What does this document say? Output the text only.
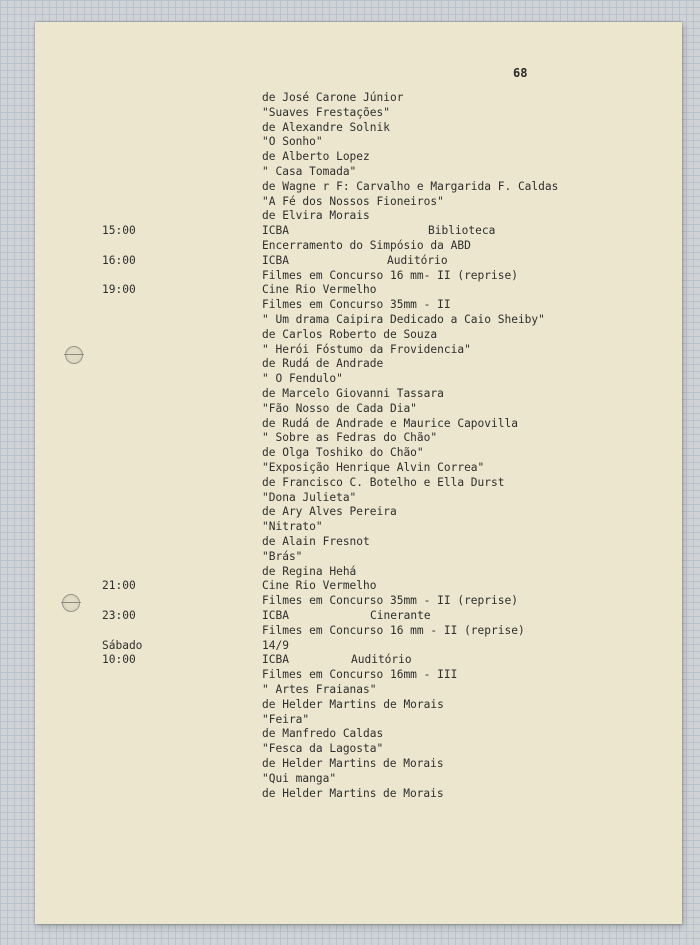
68
de José Carone Júnior
"Suaves Frestações"
de Alexandre Solnik
"O Sonho"
de Alberto Lopez
" Casa Tomada"
de Wagne r F: Carvalho e Margarida F. Caldas
"A Fé dos Nossos Fioneiros"
de Elvira Morais
15:00	ICBA	Biblioteca
Encerramento do Simpósio da ABD
16:00	ICBA	Auditório
Filmes em Concurso 16 mm- II (reprise)
19:00	Cine Rio Vermelho
Filmes em Concurso 35mm - II
" Um drama Caipira Dedicado a Caio Sheiby"
de Carlos Roberto de Souza
" Herói Fóstumo da Frovidencia"
de Rudá de Andrade
" O Fendulo"
de Marcelo Giovanni Tassara
"Fão Nosso de Cada Dia"
de Rudá de Andrade e Maurice Capovilla
" Sobre as Fedras do Chão"
de Olga Toshiko do Chão"
"Exposição Henrique Alvin Correa"
de Francisco C. Botelho e Ella Durst
"Dona Julieta"
de Ary Alves Pereira
"Nitrato"
de Alain Fresnot
"Brás"
de Regina Hehá
21:00	Cine Rio Vermelho
Filmes em Concurso 35mm - II (reprise)
23:00	ICBA	Cinerante
Filmes em Concurso 16 mm - II (reprise)
Sábado	14/9
10:00	ICBA	Auditório
Filmes em Concurso 16mm - III
" Artes Fraianas"
de Helder Martins de Morais
"Feira"
de Manfredo Caldas
"Fesca da Lagosta"
de Helder Martins de Morais
"Qui manga"
de Helder Martins de Morais
